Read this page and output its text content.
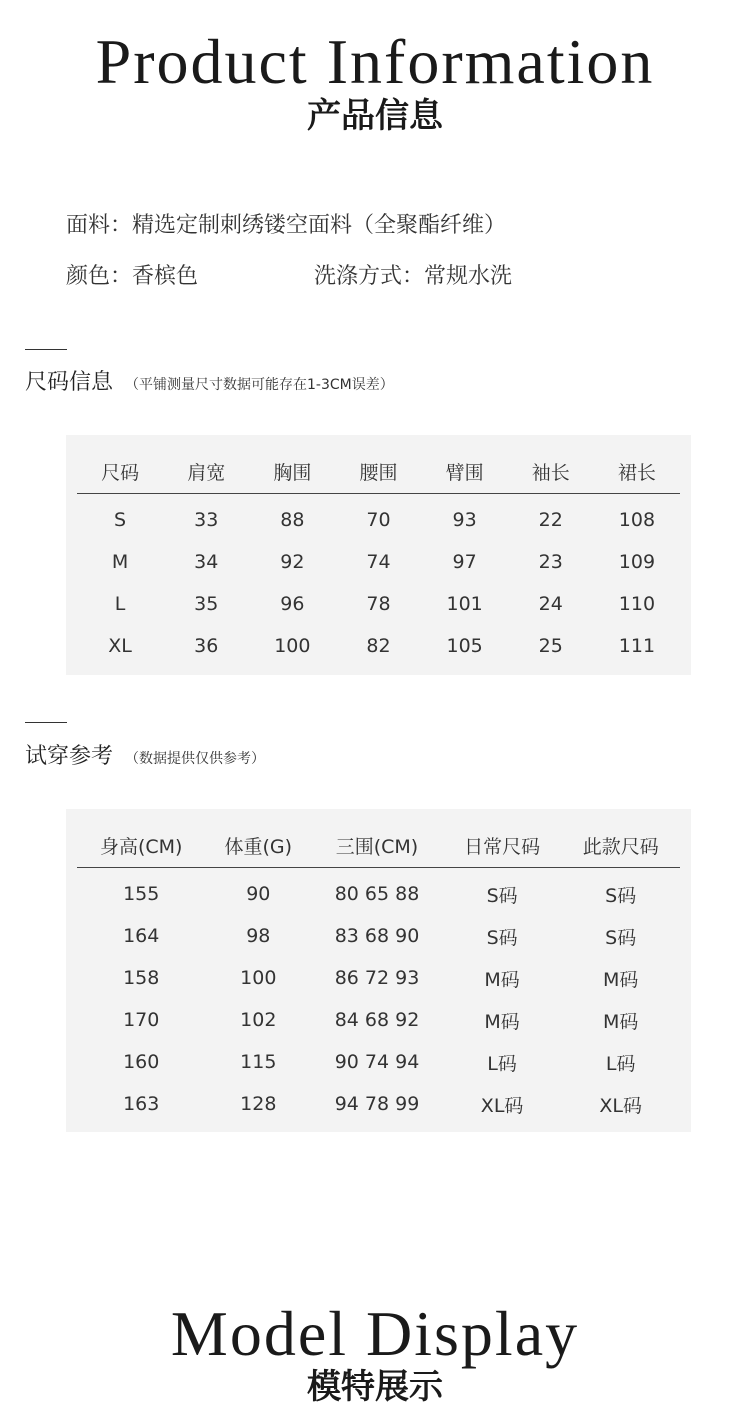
Product Information
产品信息
面料：精选定制刺绣镂空面料（全聚酯纤维）
颜色：香槟色	洗涤方式：常规水洗
尺码信息 （平铺测量尺寸数据可能存在1-3CM误差）
尺码	肩宽	胸围	腰围	臂围	袖长	裙长
S	33	88	70	93	22	108
M	34	92	74	97	23	109
L	35	96	78	101	24	110
XL	36	100	82	105	25	111
试穿参考 （数据提供仅供参考）
身高(CM)	体重(G)	三围(CM)	日常尺码	此款尺码
155	90	80 65 88	S码	S码
164	98	83 68 90	S码	S码
158	100	86 72 93	M码	M码
170	102	84 68 92	M码	M码
160	115	90 74 94	L码	L码
163	128	94 78 99	XL码	XL码
Model Display
模特展示
